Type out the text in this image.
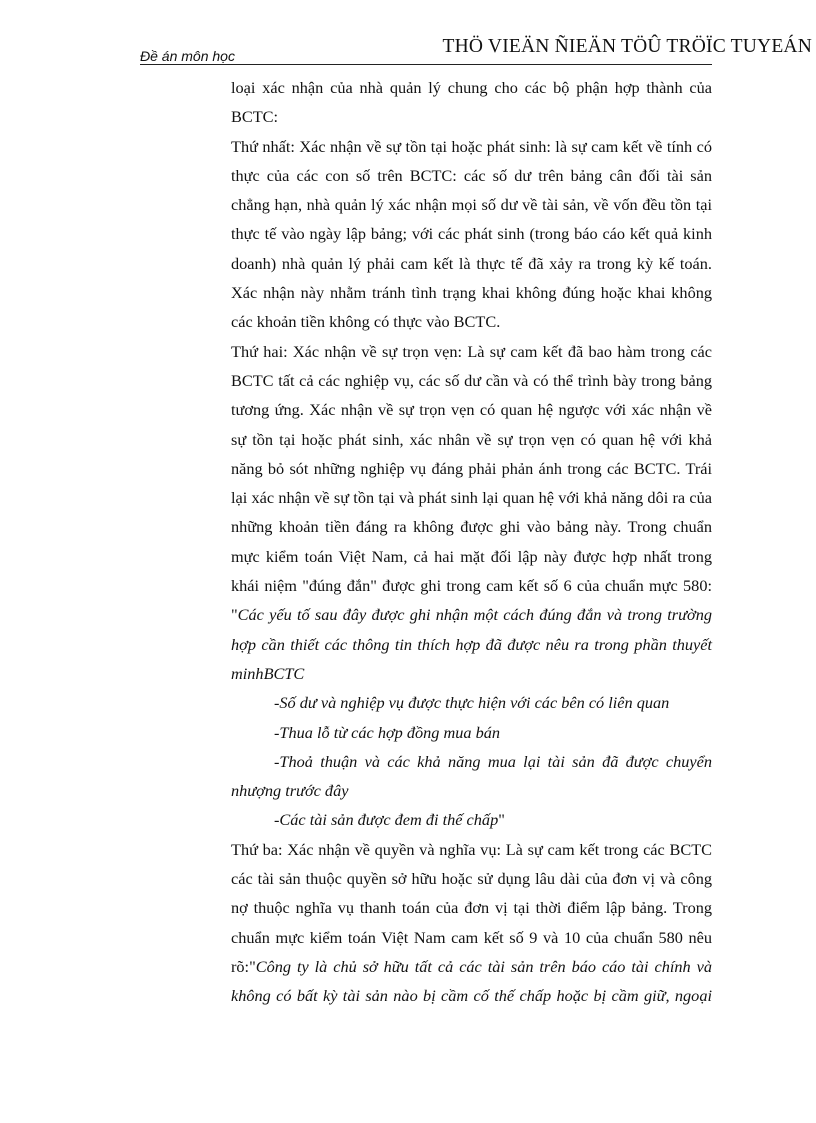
Đề án môn học	THÖ VIEÄN ÑIEÄN TÖÛ TRÖÏC TUYEÁN
loại xác nhận của nhà quản lý chung cho các bộ phận hợp thành của
BCTC:
Thứ nhất: Xác nhận về sự tồn tại hoặc phát sinh: là sự cam kết về tính có
thực của các con số trên BCTC: các số dư trên bảng cân đối tài sản
chẳng hạn, nhà quản lý xác nhận mọi số dư về tài sản, về vốn đều tồn tại
thực tế vào ngày lập bảng; với các phát sinh (trong báo cáo kết quả kinh
doanh) nhà quản lý phải cam kết là thực tế đã xảy ra trong kỳ kế toán.
Xác nhận này nhằm tránh tình trạng khai không đúng hoặc khai không
các khoản tiền không có thực vào BCTC.
Thứ hai: Xác nhận về sự trọn vẹn: Là sự cam kết đã bao hàm trong các
BCTC tất cả các nghiệp vụ, các số dư cần và có thể trình bày trong bảng
tương ứng. Xác nhận về sự trọn vẹn có quan hệ ngược với xác nhận về
sự tồn tại hoặc phát sinh, xác nhân về sự trọn vẹn có quan hệ với khả
năng bỏ sót những nghiệp vụ đáng phải phản ánh trong các BCTC. Trái
lại xác nhận về sự tồn tại và phát sinh lại quan hệ với khả năng dôi ra của
những khoản tiền đáng ra không được ghi vào bảng này. Trong chuẩn
mực kiểm toán Việt Nam, cả hai mặt đối lập này được hợp nhất trong
khái niệm "đúng đắn" được ghi trong cam kết số 6 của chuẩn mực 580:
"Các yếu tố sau đây được ghi nhận một cách đúng đắn và trong trường
hợp cần thiết các thông tin thích hợp đã được nêu ra trong phần thuyết
minhBCTC
-Số dư và nghiệp vụ được thực hiện với các bên có liên quan
-Thua lỗ từ các hợp đồng mua bán
-Thoả thuận và các khả năng mua lại tài sản đã được chuyển
nhượng trước đây
-Các tài sản được đem đi thế chấp"
Thứ ba: Xác nhận về quyền và nghĩa vụ: Là sự cam kết trong các BCTC
các tài sản thuộc quyền sở hữu hoặc sử dụng lâu dài của đơn vị và công
nợ thuộc nghĩa vụ thanh toán của đơn vị tại thời điểm lập bảng. Trong
chuẩn mực kiểm toán Việt Nam cam kết số 9 và 10 của chuẩn 580 nêu
rõ:"Công ty là chủ sở hữu tất cả các tài sản trên báo cáo tài chính và
không có bất kỳ tài sản nào bị cầm cố thế chấp hoặc bị cầm giữ, ngoại
